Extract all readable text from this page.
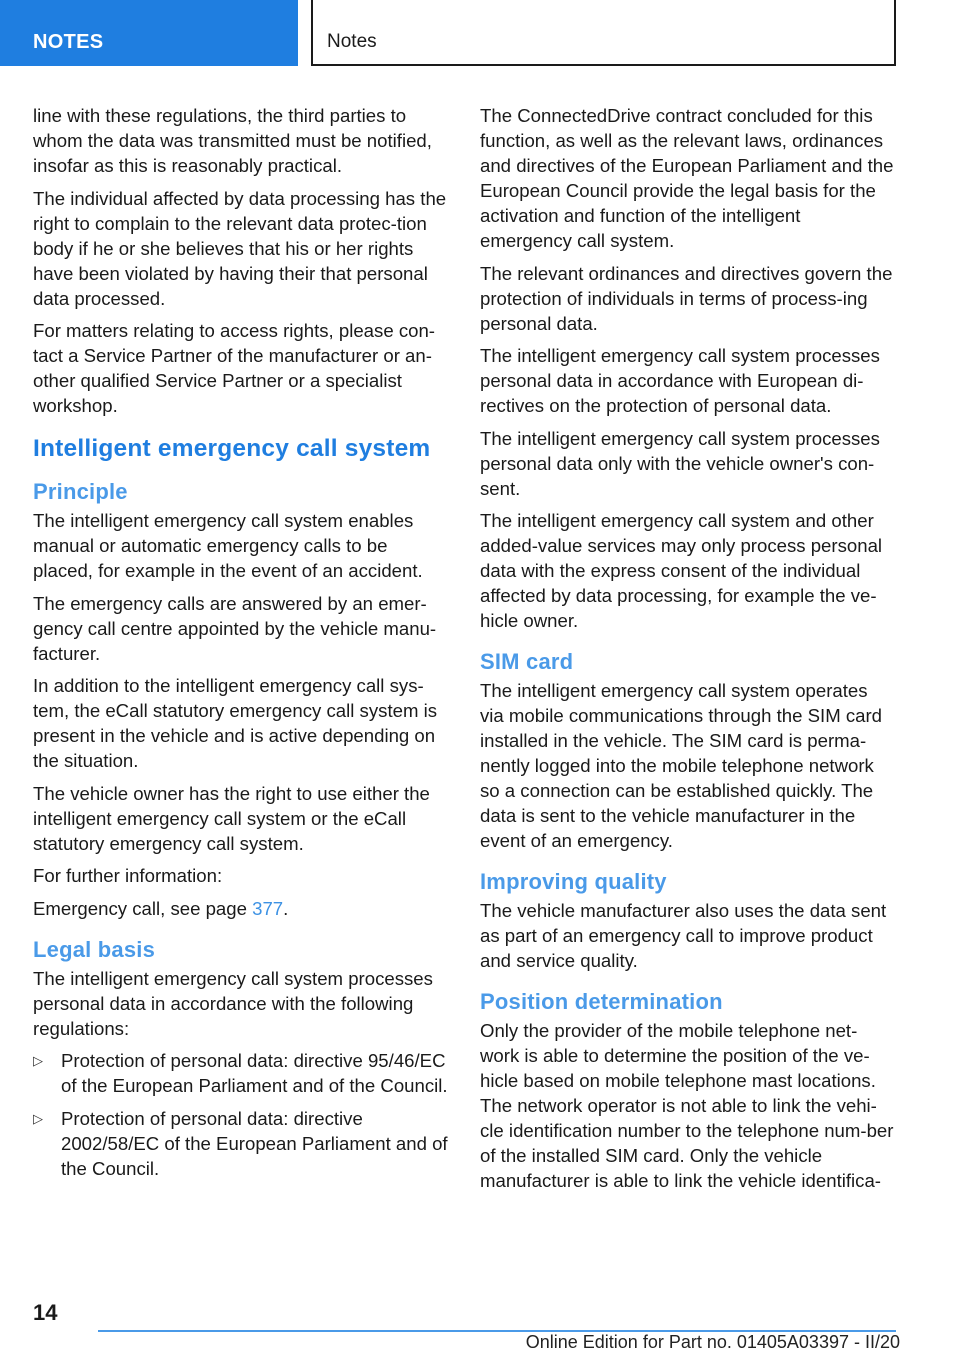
NOTES	Notes

line with these regulations, the third parties to whom the data was transmitted must be notified, insofar as this is reasonably practical.

The individual affected by data processing has the right to complain to the relevant data protec-tion body if he or she believes that his or her rights have been violated by having their that personal data processed.

For matters relating to access rights, please con-tact a Service Partner of the manufacturer or an-other qualified Service Partner or a specialist workshop.

Intelligent emergency call system
Principle

The intelligent emergency call system enables manual or automatic emergency calls to be placed, for example in the event of an accident.

The emergency calls are answered by an emer-gency call centre appointed by the vehicle manu-facturer.

In addition to the intelligent emergency call sys-tem, the eCall statutory emergency call system is present in the vehicle and is active depending on the situation.

The vehicle owner has the right to use either the intelligent emergency call system or the eCall statutory emergency call system.

For further information:

Emergency call, see page 377.

Legal basis

The intelligent emergency call system processes personal data in accordance with the following regulations:

▷ Protection of personal data: directive 95/46/EC of the European Parliament and of the Council.
▷ Protection of personal data: directive 2002/58/EC of the European Parliament and of the Council.

The ConnectedDrive contract concluded for this function, as well as the relevant laws, ordinances and directives of the European Parliament and the European Council provide the legal basis for the activation and function of the intelligent emergency call system.

The relevant ordinances and directives govern the protection of individuals in terms of process-ing personal data.

The intelligent emergency call system processes personal data in accordance with European di-rectives on the protection of personal data.

The intelligent emergency call system processes personal data only with the vehicle owner's con-sent.

The intelligent emergency call system and other added-value services may only process personal data with the express consent of the individual affected by data processing, for example the ve-hicle owner.

SIM card

The intelligent emergency call system operates via mobile communications through the SIM card installed in the vehicle. The SIM card is perma-nently logged into the mobile telephone network so a connection can be established quickly. The data is sent to the vehicle manufacturer in the event of an emergency.

Improving quality

The vehicle manufacturer also uses the data sent as part of an emergency call to improve product and service quality.

Position determination

Only the provider of the mobile telephone net-work is able to determine the position of the ve-hicle based on mobile telephone mast locations. The network operator is not able to link the vehi-cle identification number to the telephone num-ber of the installed SIM card. Only the vehicle manufacturer is able to link the vehicle identifica-

14
Online Edition for Part no. 01405A03397 - II/20
